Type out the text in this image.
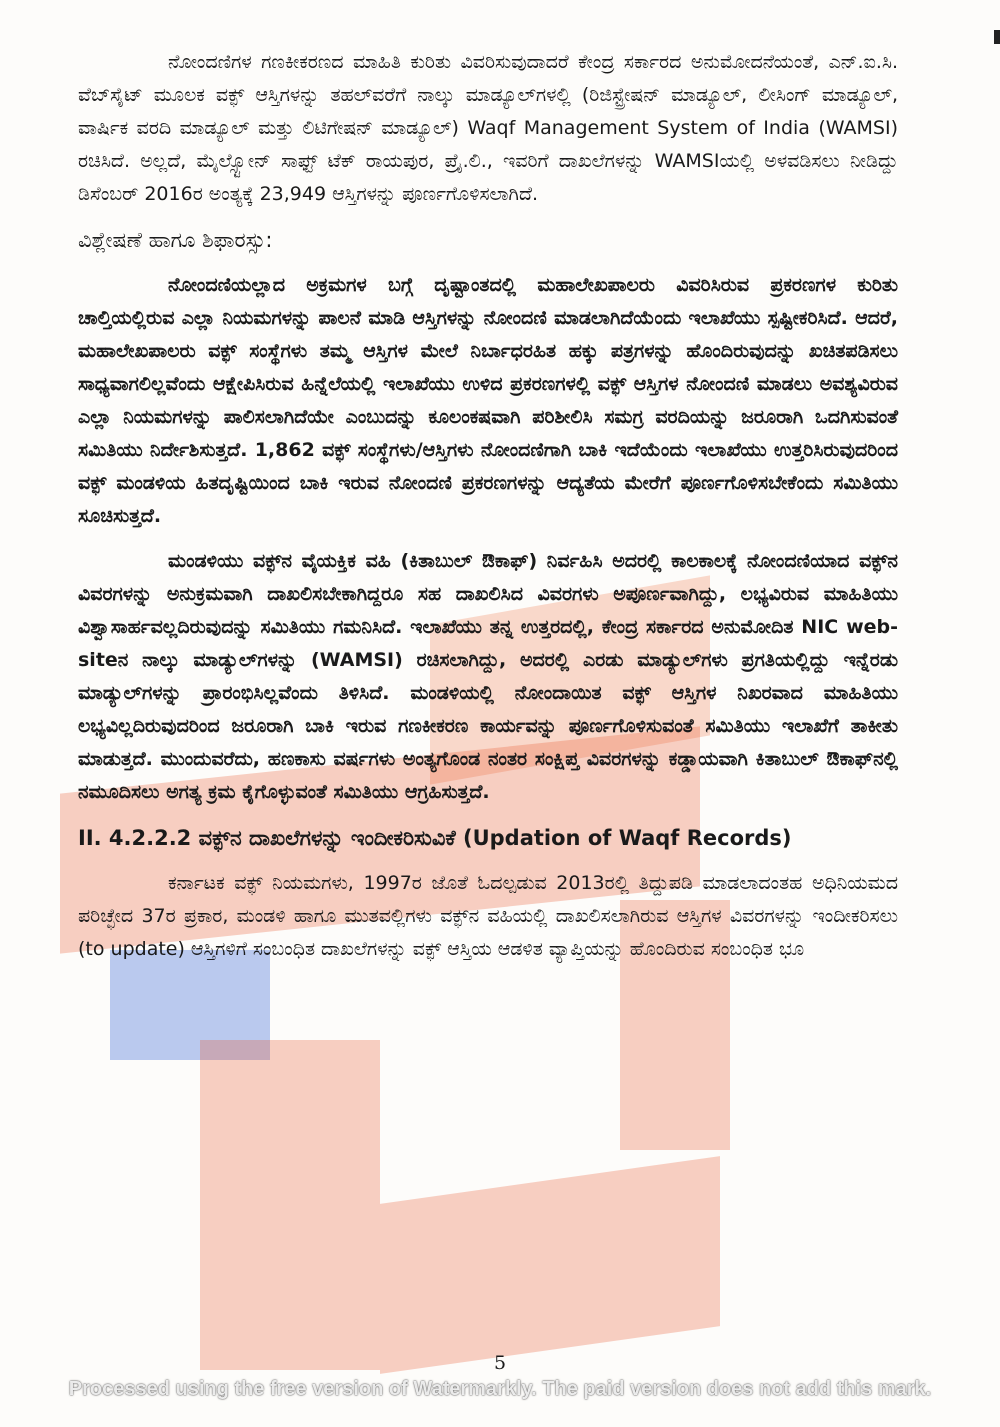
ನೋಂದಣಿಗಳ ಗಣಕೀಕರಣದ ಮಾಹಿತಿ ಕುರಿತು ವಿವರಿಸುವುದಾದರೆ ಕೇಂದ್ರ ಸರ್ಕಾರದ ಅನುಮೋದನೆಯಂತೆ, ಎನ್.ಐ.ಸಿ. ವೆಬ್‌ಸೈಟ್ ಮೂಲಕ ವಕ್ಫ್ ಆಸ್ತಿಗಳನ್ನು ತಹಲ್‌ವರೆಗೆ ನಾಲ್ಕು ಮಾಡ್ಯೂಲ್‌ಗಳಲ್ಲಿ (ರಿಜಿಸ್ಟ್ರೇಷನ್ ಮಾಡ್ಯೂಲ್, ಲೀಸಿಂಗ್ ಮಾಡ್ಯೂಲ್, ವಾರ್ಷಿಕ ವರದಿ ಮಾಡ್ಯೂಲ್ ಮತ್ತು ಲಿಟಿಗೇಷನ್ ಮಾಡ್ಯೂಲ್) Waqf Management System of India (WAMSI) ರಚಿಸಿದೆ. ಅಲ್ಲದೆ, ಮೈಲ್ಸ್ಟೋನ್ ಸಾಫ್ಟ್ ಟೆಕ್ ರಾಯಪುರ, ಪ್ರೈ.ಲಿ., ಇವರಿಗೆ ದಾಖಲೆಗಳನ್ನು WAMSIಯಲ್ಲಿ ಅಳವಡಿಸಲು ನೀಡಿದ್ದು ಡಿಸೆಂಬರ್ 2016ರ ಅಂತ್ಯಕ್ಕೆ 23,949 ಆಸ್ತಿಗಳನ್ನು ಪೂರ್ಣಗೊಳಿಸಲಾಗಿದೆ.

ವಿಶ್ಲೇಷಣೆ ಹಾಗೂ ಶಿಫಾರಸ್ಸು:

ನೋಂದಣಿಯಲ್ಲಾದ ಅಕ್ರಮಗಳ ಬಗ್ಗೆ ದೃಷ್ಟಾಂತದಲ್ಲಿ ಮಹಾಲೇಖಪಾಲರು ವಿವರಿಸಿರುವ ಪ್ರಕರಣಗಳ ಕುರಿತು ಚಾಲ್ತಿಯಲ್ಲಿರುವ ಎಲ್ಲಾ ನಿಯಮಗಳನ್ನು ಪಾಲನೆ ಮಾಡಿ ಆಸ್ತಿಗಳನ್ನು ನೋಂದಣಿ ಮಾಡಲಾಗಿದೆಯೆಂದು ಇಲಾಖೆಯು ಸ್ಪಷ್ಟೀಕರಿಸಿದೆ. ಆದರೆ, ಮಹಾಲೇಖಪಾಲರು ವಕ್ಫ್ ಸಂಸ್ಥೆಗಳು ತಮ್ಮ ಆಸ್ತಿಗಳ ಮೇಲೆ ನಿರ್ಬಾಧರಹಿತ ಹಕ್ಕು ಪತ್ರಗಳನ್ನು ಹೊಂದಿರುವುದನ್ನು ಖಚಿತಪಡಿಸಲು ಸಾಧ್ಯವಾಗಲಿಲ್ಲವೆಂದು ಆಕ್ಷೇಪಿಸಿರುವ ಹಿನ್ನೆಲೆಯಲ್ಲಿ ಇಲಾಖೆಯು ಉಳಿದ ಪ್ರಕರಣಗಳಲ್ಲಿ ವಕ್ಫ್ ಆಸ್ತಿಗಳ ನೋಂದಣಿ ಮಾಡಲು ಅವಶ್ಯವಿರುವ ಎಲ್ಲಾ ನಿಯಮಗಳನ್ನು ಪಾಲಿಸಲಾಗಿದೆಯೇ ಎಂಬುದನ್ನು ಕೂಲಂಕಷವಾಗಿ ಪರಿಶೀಲಿಸಿ ಸಮಗ್ರ ವರದಿಯನ್ನು ಜರೂರಾಗಿ ಒದಗಿಸುವಂತೆ ಸಮಿತಿಯು ನಿರ್ದೇಶಿಸುತ್ತದೆ. 1,862 ವಕ್ಫ್ ಸಂಸ್ಥೆಗಳು/ಆಸ್ತಿಗಳು ನೋಂದಣಿಗಾಗಿ ಬಾಕಿ ಇದೆಯೆಂದು ಇಲಾಖೆಯು ಉತ್ತರಿಸಿರುವುದರಿಂದ ವಕ್ಫ್ ಮಂಡಳಿಯ ಹಿತದೃಷ್ಟಿಯಿಂದ ಬಾಕಿ ಇರುವ ನೋಂದಣಿ ಪ್ರಕರಣಗಳನ್ನು ಆದ್ಯತೆಯ ಮೇರೆಗೆ ಪೂರ್ಣಗೊಳಿಸಬೇಕೆಂದು ಸಮಿತಿಯು ಸೂಚಿಸುತ್ತದೆ.

ಮಂಡಳಿಯು ವಕ್ಫ್‌ನ ವೈಯಕ್ತಿಕ ವಹಿ (ಕಿತಾಬುಲ್ ಔಕಾಫ್) ನಿರ್ವಹಿಸಿ ಅದರಲ್ಲಿ ಕಾಲಕಾಲಕ್ಕೆ ನೋಂದಣಿಯಾದ ವಕ್ಫ್‌ನ ವಿವರಗಳನ್ನು ಅನುಕ್ರಮವಾಗಿ ದಾಖಲಿಸಬೇಕಾಗಿದ್ದರೂ ಸಹ ದಾಖಲಿಸಿದ ವಿವರಗಳು ಅಪೂರ್ಣವಾಗಿದ್ದು, ಲಭ್ಯವಿರುವ ಮಾಹಿತಿಯು ವಿಶ್ವಾಸಾರ್ಹವಲ್ಲದಿರುವುದನ್ನು ಸಮಿತಿಯು ಗಮನಿಸಿದೆ. ಇಲಾಖೆಯು ತನ್ನ ಉತ್ತರದಲ್ಲಿ, ಕೇಂದ್ರ ಸರ್ಕಾರದ ಅನುಮೋದಿತ NIC web-siteನ ನಾಲ್ಕು ಮಾಡ್ಯುಲ್‌ಗಳನ್ನು (WAMSI) ರಚಿಸಲಾಗಿದ್ದು, ಅದರಲ್ಲಿ ಎರಡು ಮಾಡ್ಯುಲ್‌ಗಳು ಪ್ರಗತಿಯಲ್ಲಿದ್ದು ಇನ್ನೆರಡು ಮಾಡ್ಯುಲ್‌ಗಳನ್ನು ಪ್ರಾರಂಭಿಸಿಲ್ಲವೆಂದು ತಿಳಿಸಿದೆ. ಮಂಡಳಿಯಲ್ಲಿ ನೋಂದಾಯಿತ ವಕ್ಫ್ ಆಸ್ತಿಗಳ ನಿಖರವಾದ ಮಾಹಿತಿಯು ಲಭ್ಯವಿಲ್ಲದಿರುವುದರಿಂದ ಜರೂರಾಗಿ ಬಾಕಿ ಇರುವ ಗಣಕೀಕರಣ ಕಾರ್ಯವನ್ನು ಪೂರ್ಣಗೊಳಿಸುವಂತೆ ಸಮಿತಿಯು ಇಲಾಖೆಗೆ ತಾಕೀತು ಮಾಡುತ್ತದೆ. ಮುಂದುವರೆದು, ಹಣಕಾಸು ವರ್ಷಗಳು ಅಂತ್ಯಗೊಂಡ ನಂತರ ಸಂಕ್ಷಿಪ್ತ ವಿವರಗಳನ್ನು ಕಡ್ಡಾಯವಾಗಿ ಕಿತಾಬುಲ್ ಔಕಾಫ್‌ನಲ್ಲಿ ನಮೂದಿಸಲು ಅಗತ್ಯ ಕ್ರಮ ಕೈಗೊಳ್ಳುವಂತೆ ಸಮಿತಿಯು ಆಗ್ರಹಿಸುತ್ತದೆ.

II. 4.2.2.2 ವಕ್ಫ್‌ನ ದಾಖಲೆಗಳನ್ನು ಇಂದೀಕರಿಸುವಿಕೆ (Updation of Waqf Records)

ಕರ್ನಾಟಕ ವಕ್ಫ್ ನಿಯಮಗಳು, 1997ರ ಜೊತೆ ಓದಲ್ಪಡುವ 2013ರಲ್ಲಿ ತಿದ್ದುಪಡಿ ಮಾಡಲಾದಂತಹ ಅಧಿನಿಯಮದ ಪರಿಚ್ಛೇದ 37ರ ಪ್ರಕಾರ, ಮಂಡಳಿ ಹಾಗೂ ಮುತವಲ್ಲಿಗಳು ವಕ್ಫ್‌ನ ವಹಿಯಲ್ಲಿ ದಾಖಲಿಸಲಾಗಿರುವ ಆಸ್ತಿಗಳ ವಿವರಗಳನ್ನು ಇಂದೀಕರಿಸಲು (to update) ಆಸ್ತಿಗಳಿಗೆ ಸಂಬಂಧಿತ ದಾಖಲೆಗಳನ್ನು ವಕ್ಫ್ ಆಸ್ತಿಯ ಆಡಳಿತ ವ್ಯಾಪ್ತಿಯನ್ನು ಹೊಂದಿರುವ ಸಂಬಂಧಿತ ಭೂ

5
Processed using the free version of Watermarkly. The paid version does not add this mark.
